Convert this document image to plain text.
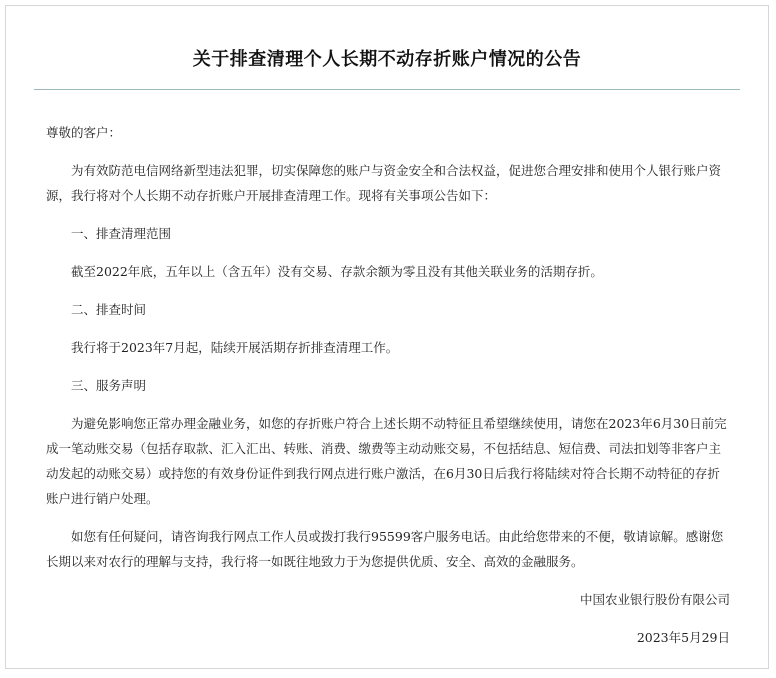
关于排查清理个人长期不动存折账户情况的公告

尊敬的客户：

为有效防范电信网络新型违法犯罪，切实保障您的账户与资金安全和合法权益，促进您合理安排和使用个人银行账户资源，我行将对个人长期不动存折账户开展排查清理工作。现将有关事项公告如下：

一、排查清理范围

截至2022年底，五年以上（含五年）没有交易、存款余额为零且没有其他关联业务的活期存折。

二、排查时间

我行将于2023年7月起，陆续开展活期存折排查清理工作。

三、服务声明

为避免影响您正常办理金融业务，如您的存折账户符合上述长期不动特征且希望继续使用，请您在2023年6月30日前完成一笔动账交易（包括存取款、汇入汇出、转账、消费、缴费等主动动账交易，不包括结息、短信费、司法扣划等非客户主动发起的动账交易）或持您的有效身份证件到我行网点进行账户激活，在6月30日后我行将陆续对符合长期不动特征的存折账户进行销户处理。

如您有任何疑问，请咨询我行网点工作人员或拨打我行95599客户服务电话。由此给您带来的不便，敬请谅解。感谢您长期以来对农行的理解与支持，我行将一如既往地致力于为您提供优质、安全、高效的金融服务。

中国农业银行股份有限公司

2023年5月29日
